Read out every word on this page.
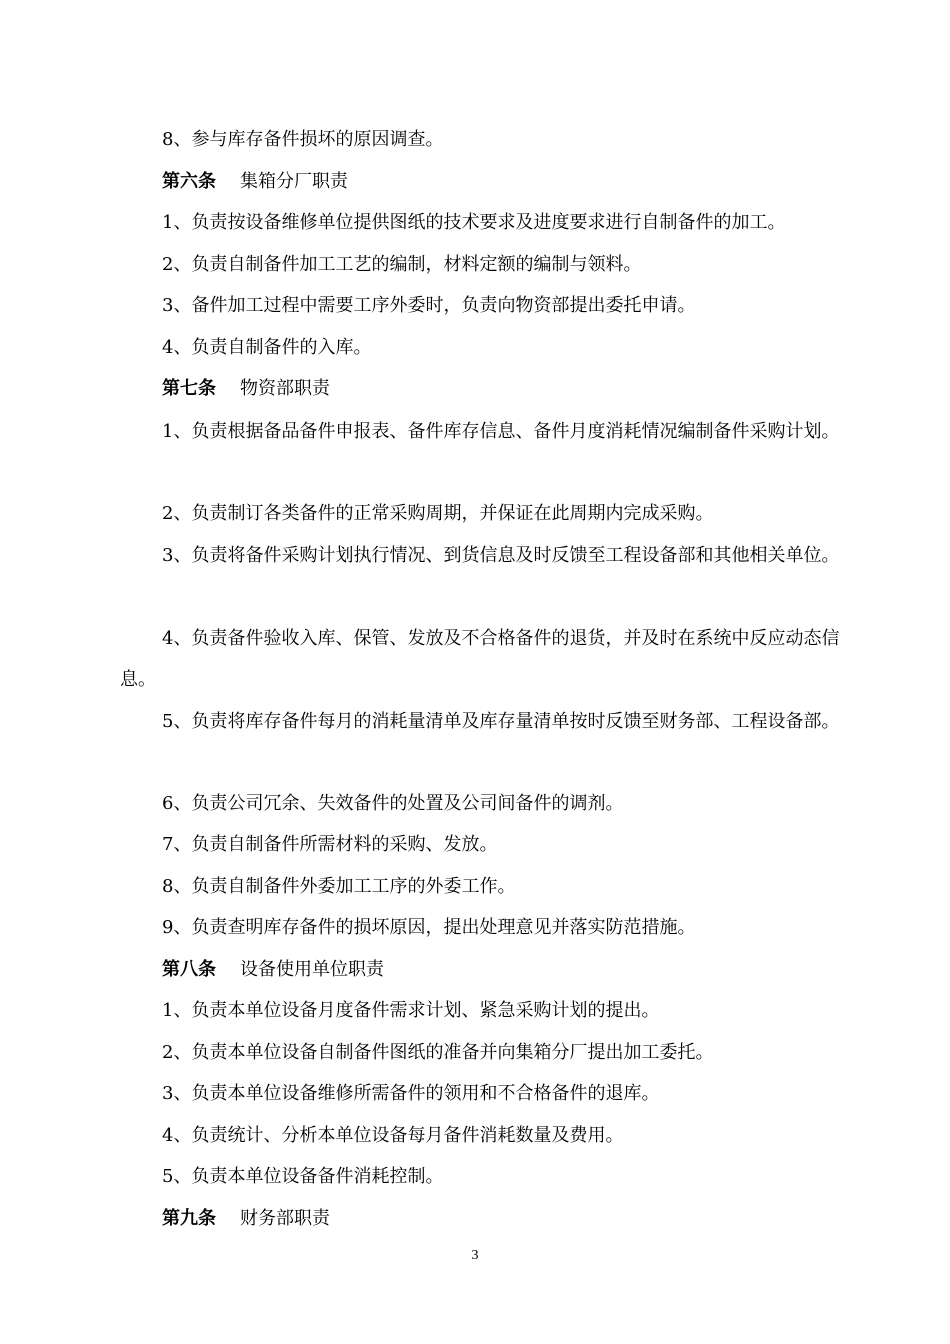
8、参与库存备件损坏的原因调查。
第六条 集箱分厂职责
1、负责按设备维修单位提供图纸的技术要求及进度要求进行自制备件的加工。
2、负责自制备件加工工艺的编制，材料定额的编制与领料。
3、备件加工过程中需要工序外委时，负责向物资部提出委托申请。
4、负责自制备件的入库。
第七条 物资部职责
1、负责根据备品备件申报表、备件库存信息、备件月度消耗情况编制备件采购计划。
2、负责制订各类备件的正常采购周期，并保证在此周期内完成采购。
3、负责将备件采购计划执行情况、到货信息及时反馈至工程设备部和其他相关单位。
4、负责备件验收入库、保管、发放及不合格备件的退货，并及时在系统中反应动态信息。
5、负责将库存备件每月的消耗量清单及库存量清单按时反馈至财务部、工程设备部。
6、负责公司冗余、失效备件的处置及公司间备件的调剂。
7、负责自制备件所需材料的采购、发放。
8、负责自制备件外委加工工序的外委工作。
9、负责查明库存备件的损坏原因，提出处理意见并落实防范措施。
第八条 设备使用单位职责
1、负责本单位设备月度备件需求计划、紧急采购计划的提出。
2、负责本单位设备自制备件图纸的准备并向集箱分厂提出加工委托。
3、负责本单位设备维修所需备件的领用和不合格备件的退库。
4、负责统计、分析本单位设备每月备件消耗数量及费用。
5、负责本单位设备备件消耗控制。
第九条 财务部职责
3
